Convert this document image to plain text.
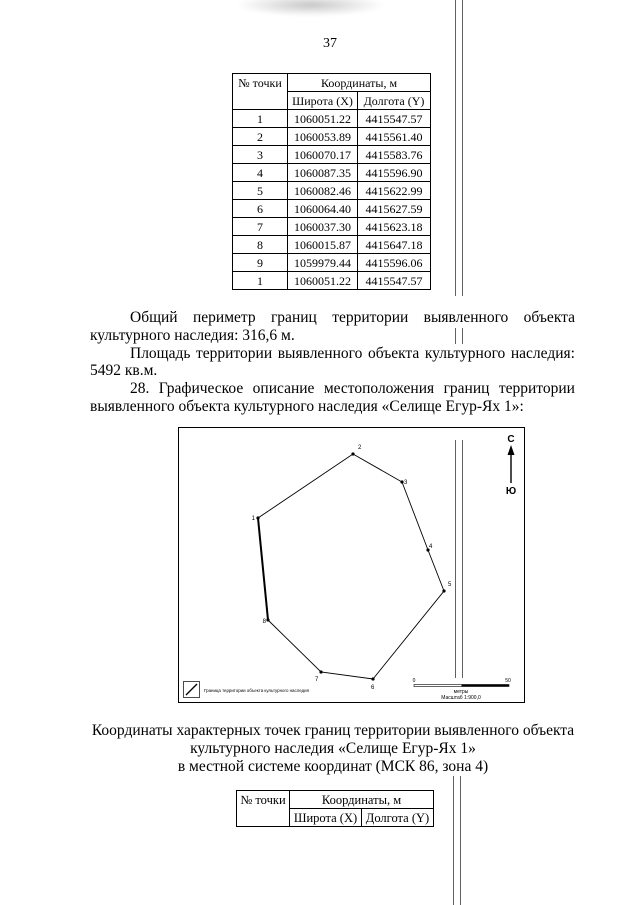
37
№ точки	Координаты, м	
	Широта (X)	Долгота (Y)
1	1060051.22	4415547.57
2	1060053.89	4415561.40
3	1060070.17	4415583.76
4	1060087.35	4415596.90
5	1060082.46	4415622.99
6	1060064.40	4415627.59
7	1060037.30	4415623.18
8	1060015.87	4415647.18
9	1059979.44	4415596.06
1	1060051.22	4415547.57
Общий периметр границ территории выявленного объекта
культурного наследия: 316,6 м.
Площадь территории выявленного объекта культурного наследия:
5492 кв.м.
28. Графическое описание местоположения границ территории
выявленного объекта культурного наследия «Селище Егур-Ях 1»:
1
2
3
4
5
6
7
8
С
Ю
0	50
метры
Масштаб 1:900,0
Граница территории объекта культурного наследия
Координаты характерных точек границ территории выявленного объекта
культурного наследия «Селище Егур-Ях 1»
в местной системе координат (МСК 86, зона 4)
№ точки	Координаты, м	
	Широта (X)	Долгота (Y)
